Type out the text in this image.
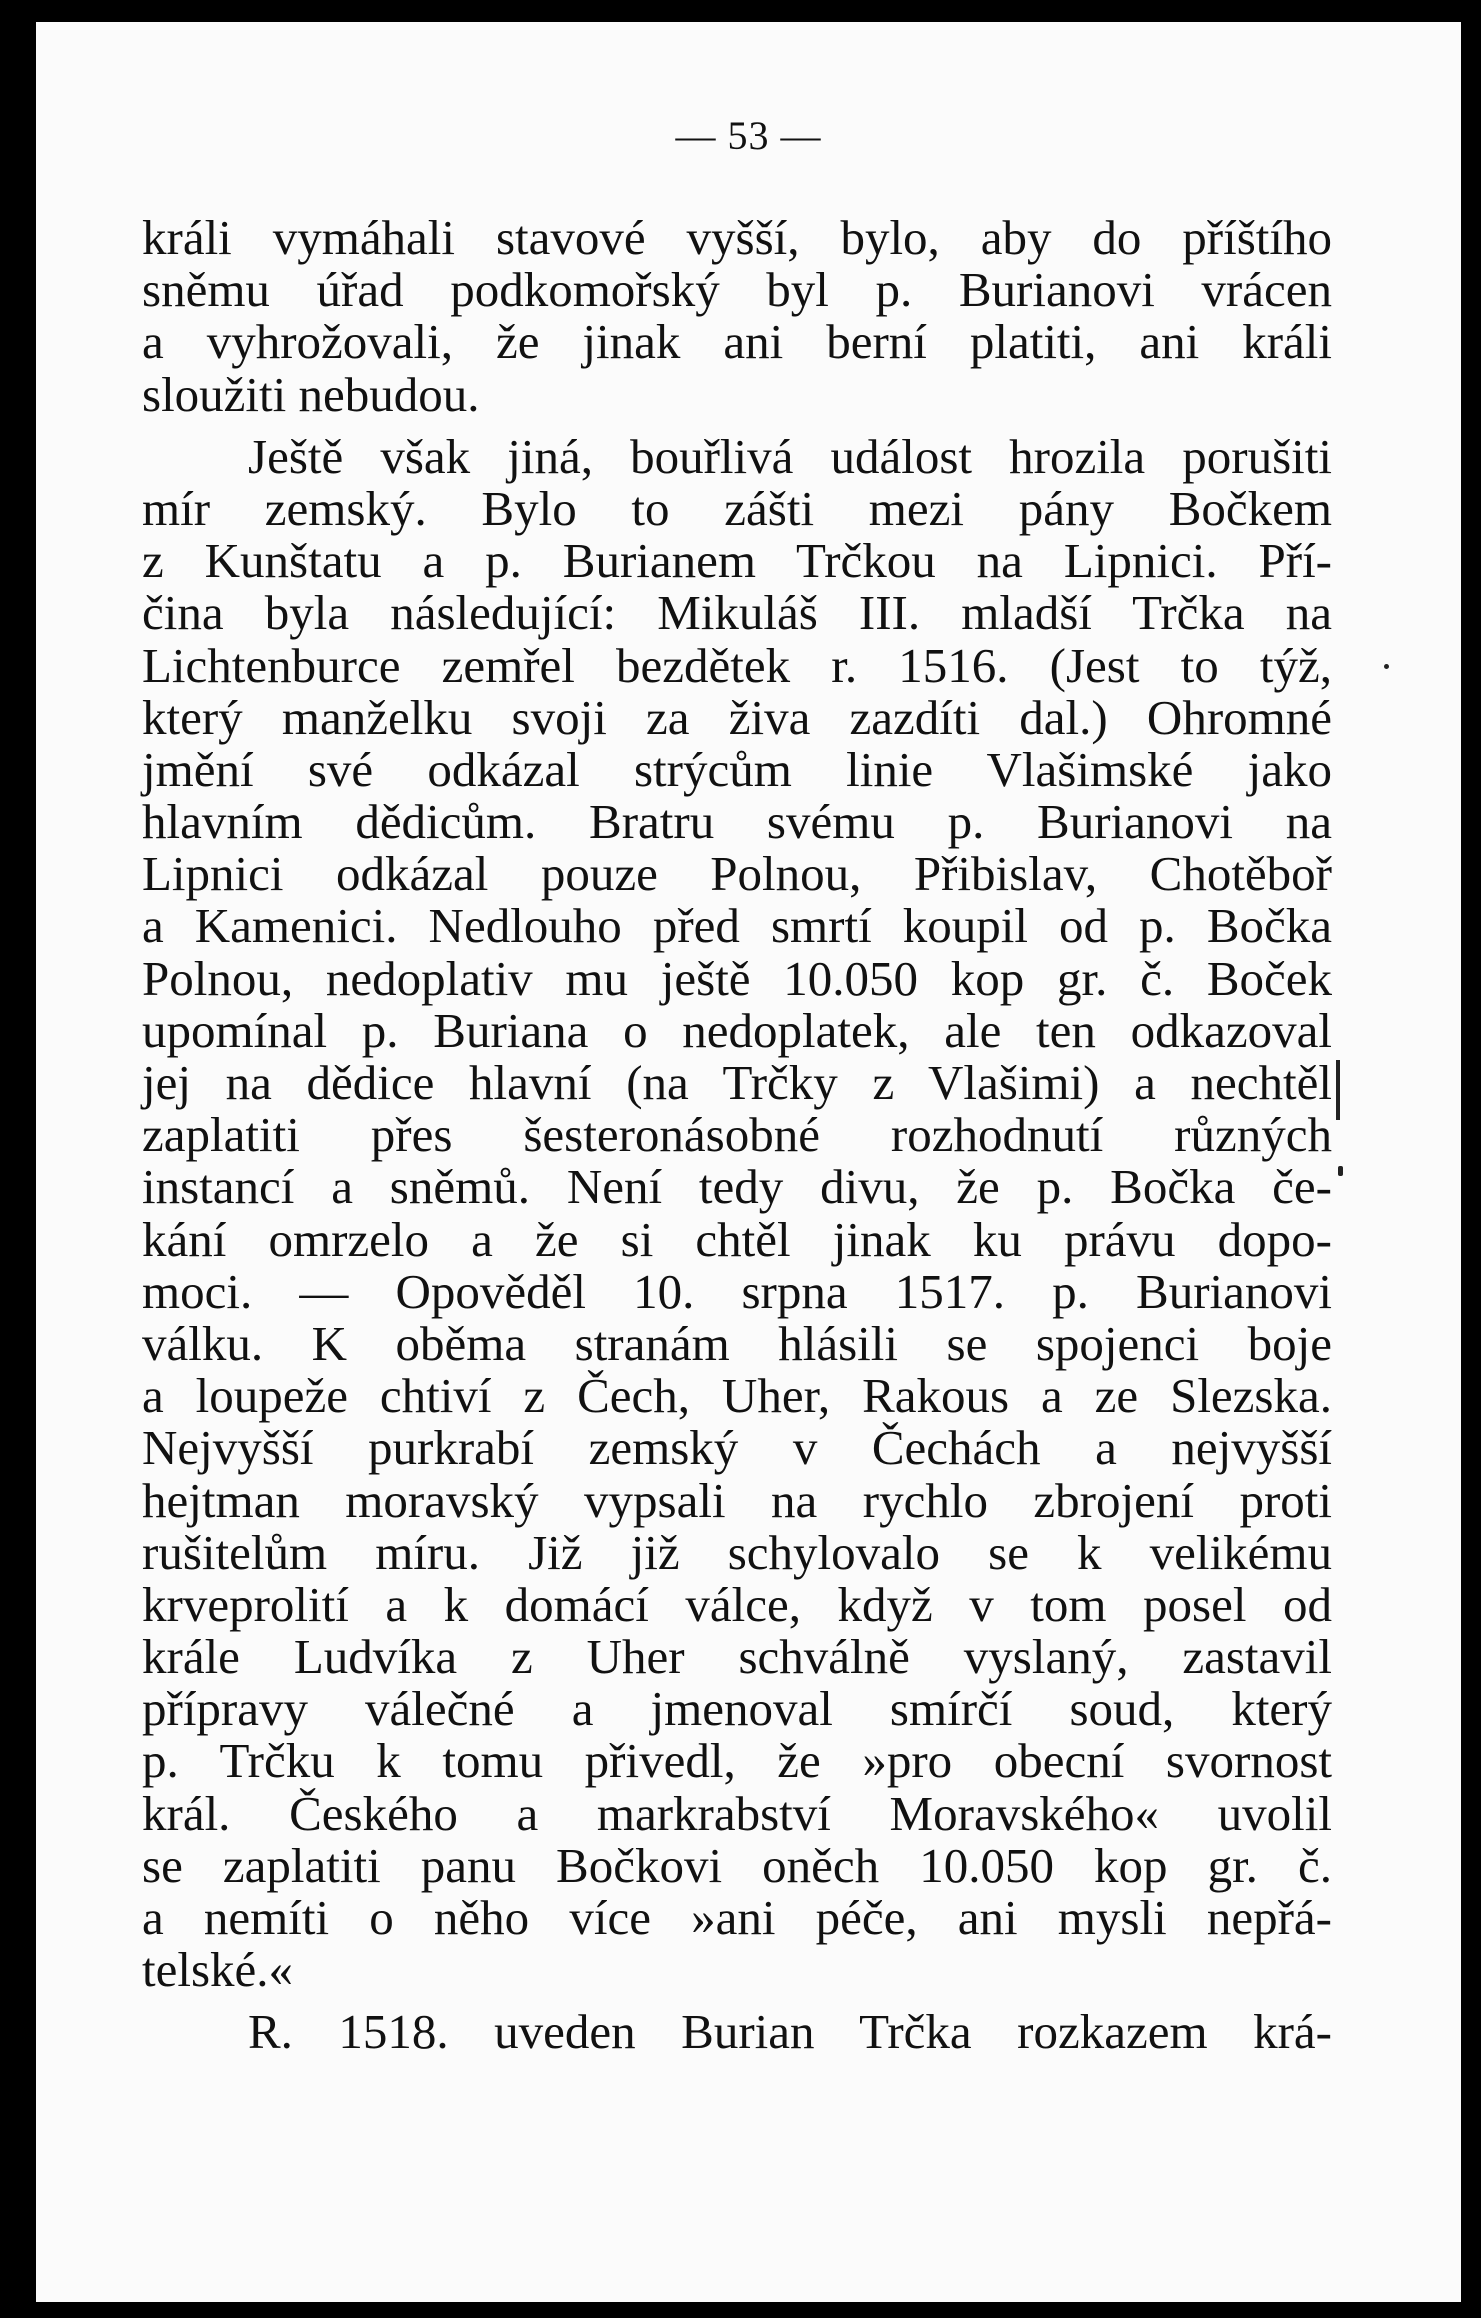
— 53 —
králi vymáhali stavové vyšší, bylo, aby do příštího
sněmu úřad podkomořský byl p. Burianovi vrácen
a vyhrožovali, že jinak ani berní platiti, ani králi
sloužiti nebudou.
Ještě však jiná, bouřlivá událost hrozila porušiti
mír zemský. Bylo to zášti mezi pány Bočkem
z Kunštatu a p. Burianem Trčkou na Lipnici. Pří-
čina byla následující: Mikuláš III. mladší Trčka na
Lichtenburce zemřel bezdětek r. 1516. (Jest to týž,
který manželku svoji za živa zazdíti dal.) Ohromné
jmění své odkázal strýcům linie Vlašimské jako
hlavním dědicům. Bratru svému p. Burianovi na
Lipnici odkázal pouze Polnou, Přibislav, Chotěboř
a Kamenici. Nedlouho před smrtí koupil od p. Bočka
Polnou, nedoplativ mu ještě 10.050 kop gr. č. Boček
upomínal p. Buriana o nedoplatek, ale ten odkazoval
jej na dědice hlavní (na Trčky z Vlašimi) a nechtěl
zaplatiti přes šesteronásobné rozhodnutí různých
instancí a sněmů. Není tedy divu, že p. Bočka če-
kání omrzelo a že si chtěl jinak ku právu dopo-
moci. — Opověděl 10. srpna 1517. p. Burianovi
válku. K oběma stranám hlásili se spojenci boje
a loupeže chtiví z Čech, Uher, Rakous a ze Slezska.
Nejvyšší purkrabí zemský v Čechách a nejvyšší
hejtman moravský vypsali na rychlo zbrojení proti
rušitelům míru. Již již schylovalo se k velikému
krveprolití a k domácí válce, když v tom posel od
krále Ludvíka z Uher schválně vyslaný, zastavil
přípravy válečné a jmenoval smírčí soud, který
p. Trčku k tomu přivedl, že »pro obecní svornost
král. Českého a markrabství Moravského« uvolil
se zaplatiti panu Bočkovi oněch 10.050 kop gr. č.
a nemíti o něho více »ani péče, ani mysli nepřá-
telské.«
R. 1518. uveden Burian Trčka rozkazem krá-
